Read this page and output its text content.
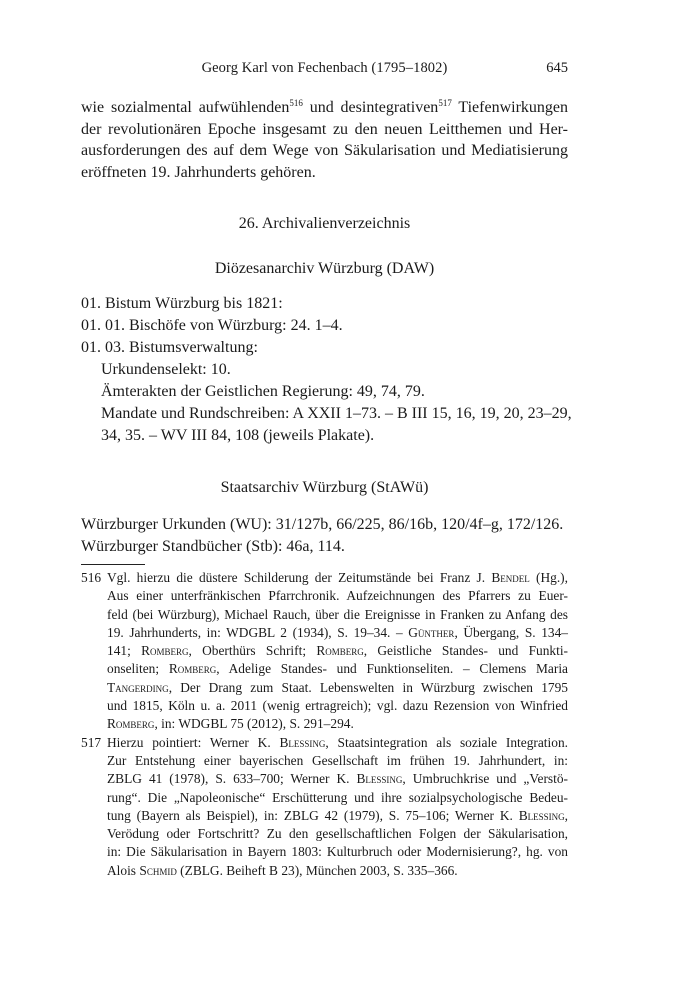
Georg Karl von Fechenbach (1795–1802)	645
wie sozialmental aufwühlenden$^{516}$ und desintegrativen$^{517}$ Tiefenwirkungen
der revolutionären Epoche insgesamt zu den neuen Leitthemen und Her-
ausforderungen des auf dem Wege von Säkularisation und Mediatisierung
eröffneten 19. Jahrhunderts gehören.
26. Archivalienverzeichnis
Diözesanarchiv Würzburg (DAW)
01. Bistum Würzburg bis 1821:
01. 01. Bischöfe von Würzburg: 24. 1–4.
01. 03. Bistumsverwaltung:
Urkundenselekt: 10.
Ämterakten der Geistlichen Regierung: 49, 74, 79.
Mandate und Rundschreiben: A XXII 1–73. – B III 15, 16, 19, 20, 23–29,
34, 35. – WV III 84, 108 (jeweils Plakate).
Staatsarchiv Würzburg (StAWü)
Würzburger Urkunden (WU): 31/127b, 66/225, 86/16b, 120/4f–g, 172/126.
Würzburger Standbücher (Stb): 46a, 114.
516 Vgl. hierzu die düstere Schilderung der Zeitumstände bei Franz J. Bendel (Hg.),
Aus einer unterfränkischen Pfarrchronik. Aufzeichnungen des Pfarrers zu Euer-
feld (bei Würzburg), Michael Rauch, über die Ereignisse in Franken zu Anfang des
19. Jahrhunderts, in: WDGBL 2 (1934), S. 19–34. – Günther, Übergang, S. 134–
141; Romberg, Oberthürs Schrift; Romberg, Geistliche Standes- und Funkti-
onseliten; Romberg, Adelige Standes- und Funktionseliten. – Clemens Maria
Tangerding, Der Drang zum Staat. Lebenswelten in Würzburg zwischen 1795
und 1815, Köln u. a. 2011 (wenig ertragreich); vgl. dazu Rezension von Winfried
Romberg, in: WDGBL 75 (2012), S. 291–294.
517 Hierzu pointiert: Werner K. Blessing, Staatsintegration als soziale Integration.
Zur Entstehung einer bayerischen Gesellschaft im frühen 19. Jahrhundert, in:
ZBLG 41 (1978), S. 633–700; Werner K. Blessing, Umbruchkrise und „Verstö-
rung“. Die „Napoleonische“ Erschütterung und ihre sozialpsychologische Bedeu-
tung (Bayern als Beispiel), in: ZBLG 42 (1979), S. 75–106; Werner K. Blessing,
Verödung oder Fortschritt? Zu den gesellschaftlichen Folgen der Säkularisation,
in: Die Säkularisation in Bayern 1803: Kulturbruch oder Modernisierung?, hg. von
Alois Schmid (ZBLG. Beiheft B 23), München 2003, S. 335–366.
